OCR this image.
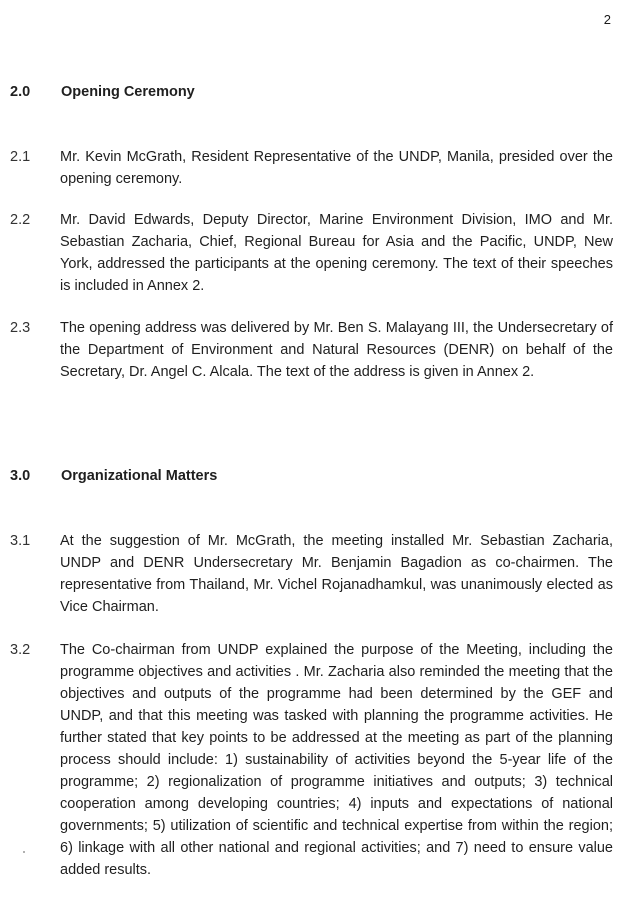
2
2.0 Opening Ceremony
2.1 Mr. Kevin McGrath, Resident Representative of the UNDP, Manila, presided over the opening ceremony.
2.2 Mr. David Edwards, Deputy Director, Marine Environment Division, IMO and Mr. Sebastian Zacharia, Chief, Regional Bureau for Asia and the Pacific, UNDP, New York, addressed the participants at the opening ceremony. The text of their speeches is included in Annex 2.
2.3 The opening address was delivered by Mr. Ben S. Malayang III, the Undersecretary of the Department of Environment and Natural Resources (DENR) on behalf of the Secretary, Dr. Angel C. Alcala. The text of the address is given in Annex 2.
3.0 Organizational Matters
3.1 At the suggestion of Mr. McGrath, the meeting installed Mr. Sebastian Zacharia, UNDP and DENR Undersecretary Mr. Benjamin Bagadion as co-chairmen. The representative from Thailand, Mr. Vichel Rojanadhamkul, was unanimously elected as Vice Chairman.
3.2 The Co-chairman from UNDP explained the purpose of the Meeting, including the programme objectives and activities . Mr. Zacharia also reminded the meeting that the objectives and outputs of the programme had been determined by the GEF and UNDP, and that this meeting was tasked with planning the programme activities. He further stated that key points to be addressed at the meeting as part of the planning process should include: 1) sustainability of activities beyond the 5-year life of the programme; 2) regionalization of programme initiatives and outputs; 3) technical cooperation among developing countries; 4) inputs and expectations of national governments; 5) utilization of scientific and technical expertise from within the region; 6) linkage with all other national and regional activities; and 7) need to ensure value added results.
